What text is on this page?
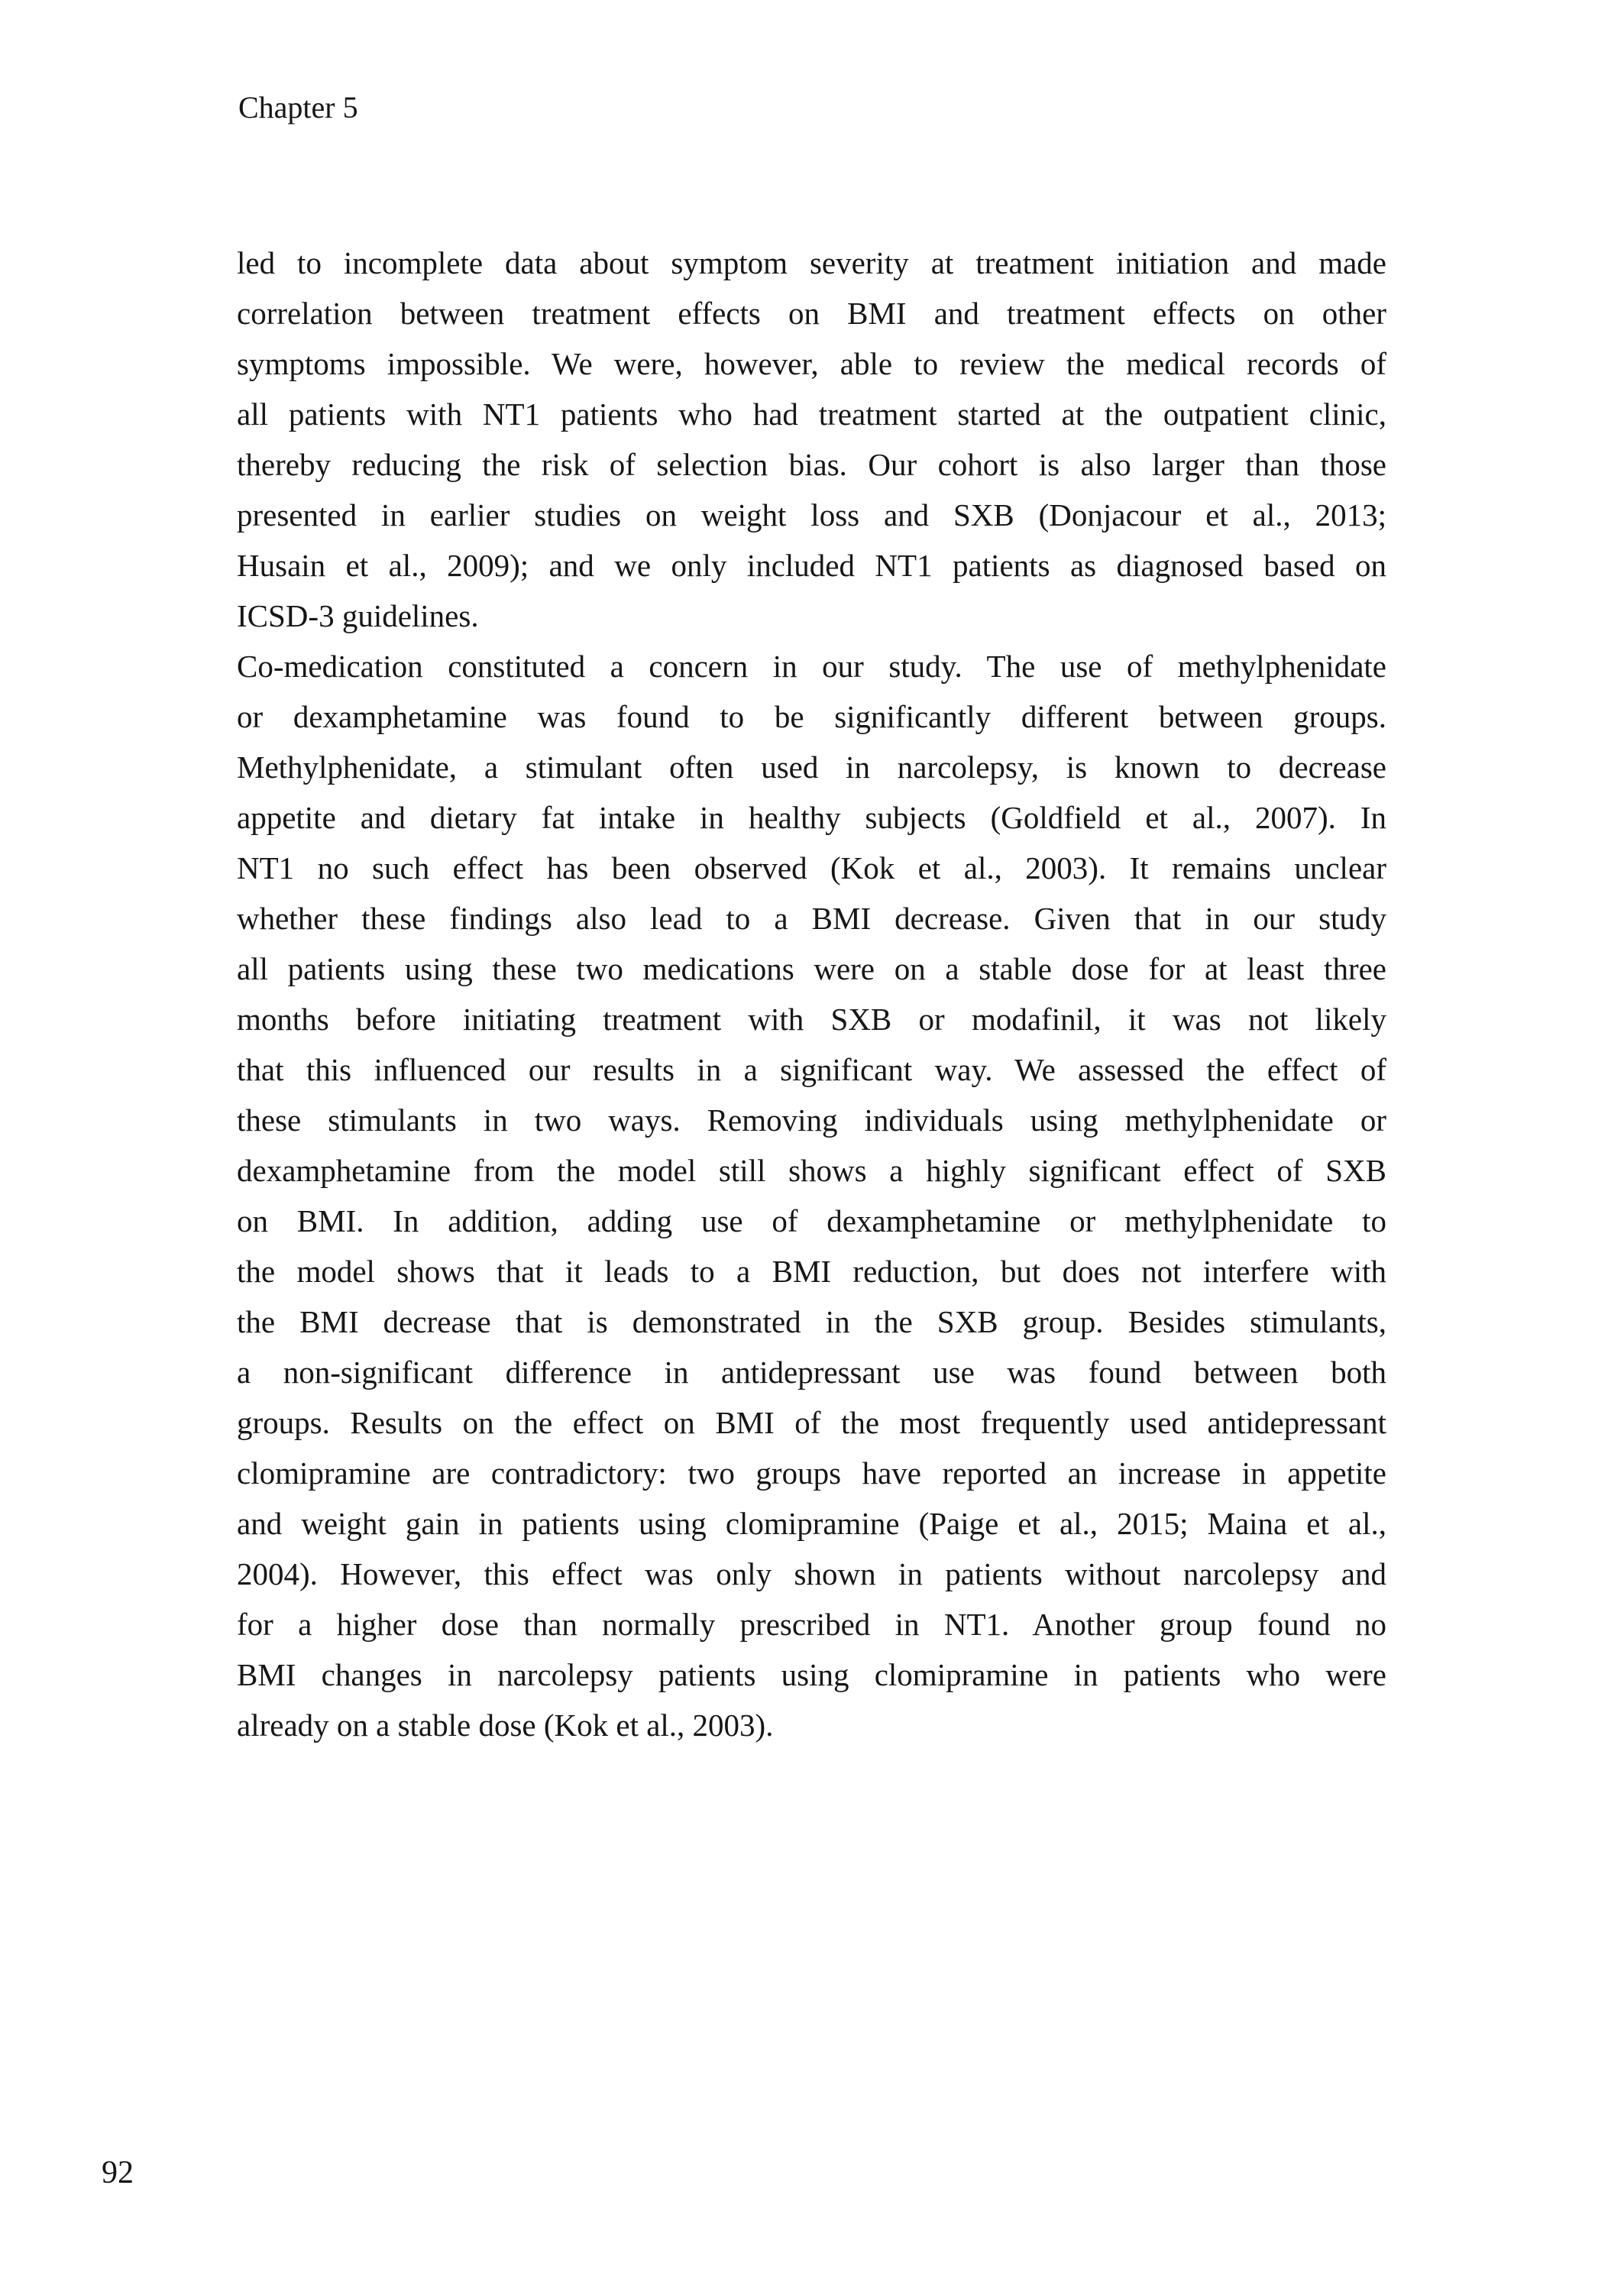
Chapter 5
led to incomplete data about symptom severity at treatment initiation and made
correlation between treatment effects on BMI and treatment effects on other
symptoms impossible. We were, however, able to review the medical records of
all patients with NT1 patients who had treatment started at the outpatient clinic,
thereby reducing the risk of selection bias. Our cohort is also larger than those
presented in earlier studies on weight loss and SXB (Donjacour et al., 2013;
Husain et al., 2009); and we only included NT1 patients as diagnosed based on
ICSD-3 guidelines.
Co-medication constituted a concern in our study. The use of methylphenidate
or dexamphetamine was found to be significantly different between groups.
Methylphenidate, a stimulant often used in narcolepsy, is known to decrease
appetite and dietary fat intake in healthy subjects (Goldfield et al., 2007). In
NT1 no such effect has been observed (Kok et al., 2003). It remains unclear
whether these findings also lead to a BMI decrease. Given that in our study
all patients using these two medications were on a stable dose for at least three
months before initiating treatment with SXB or modafinil, it was not likely
that this influenced our results in a significant way. We assessed the effect of
these stimulants in two ways. Removing individuals using methylphenidate or
dexamphetamine from the model still shows a highly significant effect of SXB
on BMI. In addition, adding use of dexamphetamine or methylphenidate to
the model shows that it leads to a BMI reduction, but does not interfere with
the BMI decrease that is demonstrated in the SXB group. Besides stimulants,
a non-significant difference in antidepressant use was found between both
groups. Results on the effect on BMI of the most frequently used antidepressant
clomipramine are contradictory: two groups have reported an increase in appetite
and weight gain in patients using clomipramine (Paige et al., 2015; Maina et al.,
2004). However, this effect was only shown in patients without narcolepsy and
for a higher dose than normally prescribed in NT1. Another group found no
BMI changes in narcolepsy patients using clomipramine in patients who were
already on a stable dose (Kok et al., 2003).
92
